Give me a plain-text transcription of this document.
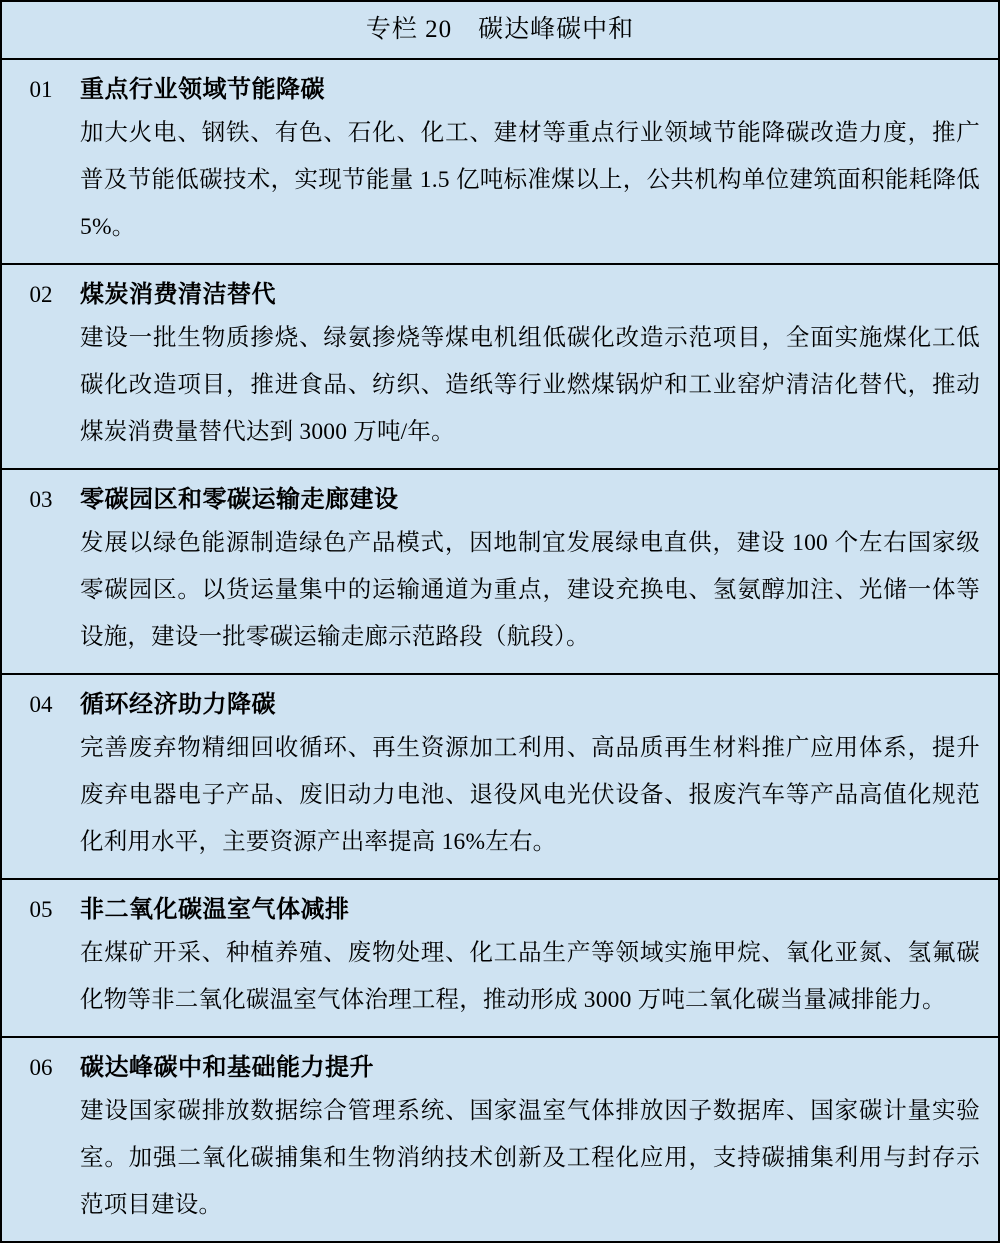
专栏 20　碳达峰碳中和
01	重点行业领域节能降碳
加大火电、钢铁、有色、石化、化工、建材等重点行业领域节能降碳改造力度，推广普及节能低碳技术，实现节能量 1.5 亿吨标准煤以上，公共机构单位建筑面积能耗降低 5%。
02	煤炭消费清洁替代
建设一批生物质掺烧、绿氨掺烧等煤电机组低碳化改造示范项目，全面实施煤化工低碳化改造项目，推进食品、纺织、造纸等行业燃煤锅炉和工业窑炉清洁化替代，推动煤炭消费量替代达到 3000 万吨/年。
03	零碳园区和零碳运输走廊建设
发展以绿色能源制造绿色产品模式，因地制宜发展绿电直供，建设 100 个左右国家级零碳园区。以货运量集中的运输通道为重点，建设充换电、氢氨醇加注、光储一体等设施，建设一批零碳运输走廊示范路段（航段）。
04	循环经济助力降碳
完善废弃物精细回收循环、再生资源加工利用、高品质再生材料推广应用体系，提升废弃电器电子产品、废旧动力电池、退役风电光伏设备、报废汽车等产品高值化规范化利用水平，主要资源产出率提高 16%左右。
05	非二氧化碳温室气体减排
在煤矿开采、种植养殖、废物处理、化工品生产等领域实施甲烷、氧化亚氮、氢氟碳化物等非二氧化碳温室气体治理工程，推动形成 3000 万吨二氧化碳当量减排能力。
06	碳达峰碳中和基础能力提升
建设国家碳排放数据综合管理系统、国家温室气体排放因子数据库、国家碳计量实验室。加强二氧化碳捕集和生物消纳技术创新及工程化应用，支持碳捕集利用与封存示范项目建设。
